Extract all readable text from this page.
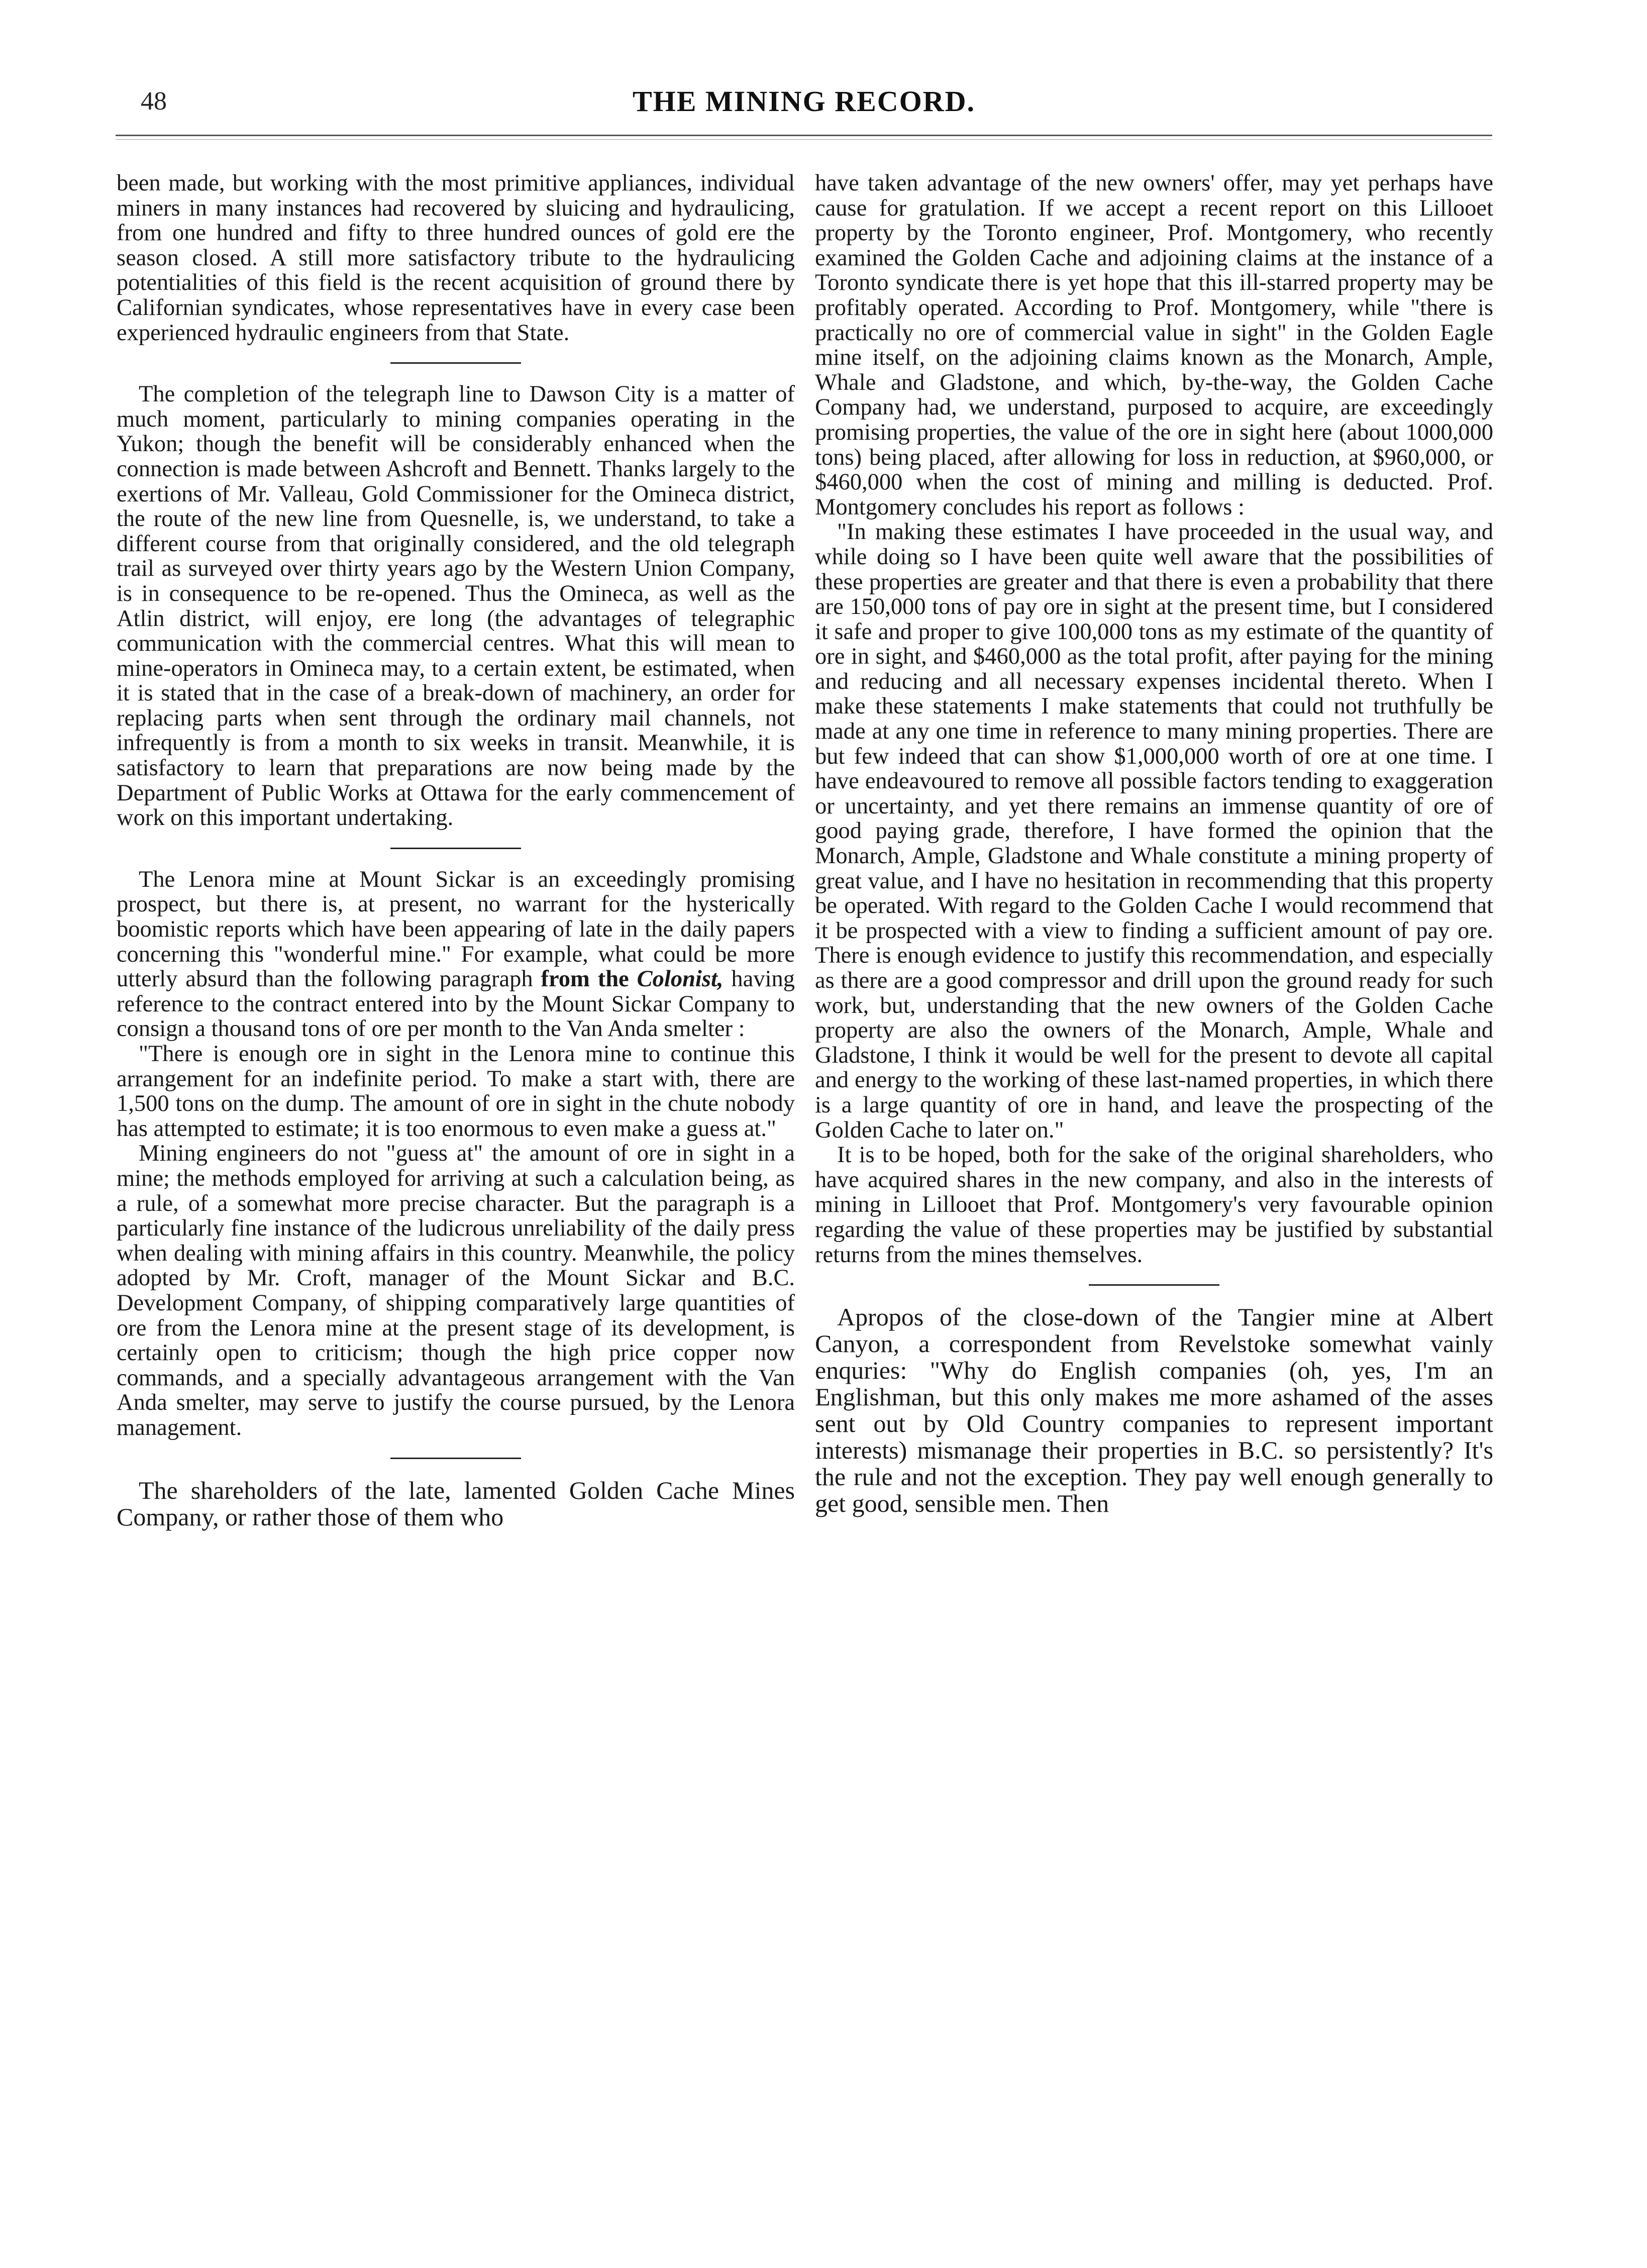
48	THE MINING RECORD.

been made, but working with the most primitive appliances, individual miners in many instances had recovered by sluicing and hydraulicing, from one hundred and fifty to three hundred ounces of gold ere the season closed. A still more satisfactory tribute to the hydraulicing potentialities of this field is the recent acquisition of ground there by Californian syndicates, whose representatives have in every case been experienced hydraulic engineers from that State.

The completion of the telegraph line to Dawson City is a matter of much moment, particularly to mining companies operating in the Yukon; though the benefit will be considerably enhanced when the connection is made between Ashcroft and Bennett. Thanks largely to the exertions of Mr. Valleau, Gold Commissioner for the Omineca district, the route of the new line from Quesnelle, is, we understand, to take a different course from that originally considered, and the old telegraph trail as surveyed over thirty years ago by the Western Union Company, is in consequence to be re-opened. Thus the Omineca, as well as the Atlin district, will enjoy, ere long (the advantages of telegraphic communication with the commercial centres. What this will mean to mine-operators in Omineca may, to a certain extent, be estimated, when it is stated that in the case of a break-down of machinery, an order for replacing parts when sent through the ordinary mail channels, not infrequently is from a month to six weeks in transit. Meanwhile, it is satisfactory to learn that preparations are now being made by the Department of Public Works at Ottawa for the early commencement of work on this important undertaking.

The Lenora mine at Mount Sickar is an exceedingly promising prospect, but there is, at present, no warrant for the hysterically boomistic reports which have been appearing of late in the daily papers concerning this "wonderful mine." For example, what could be more utterly absurd than the following paragraph from the Colonist, having reference to the contract entered into by the Mount Sickar Company to consign a thousand tons of ore per month to the Van Anda smelter :

"There is enough ore in sight in the Lenora mine to continue this arrangement for an indefinite period. To make a start with, there are 1,500 tons on the dump. The amount of ore in sight in the chute nobody has attempted to estimate; it is too enormous to even make a guess at."

Mining engineers do not "guess at" the amount of ore in sight in a mine; the methods employed for arriving at such a calculation being, as a rule, of a somewhat more precise character. But the paragraph is a particularly fine instance of the ludicrous unreliability of the daily press when dealing with mining affairs in this country. Meanwhile, the policy adopted by Mr. Croft, manager of the Mount Sickar and B.C. Development Company, of shipping comparatively large quantities of ore from the Lenora mine at the present stage of its development, is certainly open to criticism; though the high price copper now commands, and a specially advantageous arrangement with the Van Anda smelter, may serve to justify the course pursued, by the Lenora management.

The shareholders of the late, lamented Golden Cache Mines Company, or rather those of them who

have taken advantage of the new owners' offer, may yet perhaps have cause for gratulation. If we accept a recent report on this Lillooet property by the Toronto engineer, Prof. Montgomery, who recently examined the Golden Cache and adjoining claims at the instance of a Toronto syndicate there is yet hope that this ill-starred property may be profitably operated. According to Prof. Montgomery, while "there is practically no ore of commercial value in sight" in the Golden Eagle mine itself, on the adjoining claims known as the Monarch, Ample, Whale and Gladstone, and which, by-the-way, the Golden Cache Company had, we understand, purposed to acquire, are exceedingly promising properties, the value of the ore in sight here (about 1000,000 tons) being placed, after allowing for loss in reduction, at $960,000, or $460,000 when the cost of mining and milling is deducted. Prof. Montgomery concludes his report as follows :

"In making these estimates I have proceeded in the usual way, and while doing so I have been quite well aware that the possibilities of these properties are greater and that there is even a probability that there are 150,000 tons of pay ore in sight at the present time, but I considered it safe and proper to give 100,000 tons as my estimate of the quantity of ore in sight, and $460,000 as the total profit, after paying for the mining and reducing and all necessary expenses incidental thereto. When I make these statements I make statements that could not truthfully be made at any one time in reference to many mining properties. There are but few indeed that can show $1,000,000 worth of ore at one time. I have endeavoured to remove all possible factors tending to exaggeration or uncertainty, and yet there remains an immense quantity of ore of good paying grade, therefore, I have formed the opinion that the Monarch, Ample, Gladstone and Whale constitute a mining property of great value, and I have no hesitation in recommending that this property be operated. With regard to the Golden Cache I would recommend that it be prospected with a view to finding a sufficient amount of pay ore. There is enough evidence to justify this recommendation, and especially as there are a good compressor and drill upon the ground ready for such work, but, understanding that the new owners of the Golden Cache property are also the owners of the Monarch, Ample, Whale and Gladstone, I think it would be well for the present to devote all capital and energy to the working of these last-named properties, in which there is a large quantity of ore in hand, and leave the prospecting of the Golden Cache to later on."

It is to be hoped, both for the sake of the original shareholders, who have acquired shares in the new company, and also in the interests of mining in Lillooet that Prof. Montgomery's very favourable opinion regarding the value of these properties may be justified by substantial returns from the mines themselves.

Apropos of the close-down of the Tangier mine at Albert Canyon, a correspondent from Revelstoke somewhat vainly enquries: "Why do English companies (oh, yes, I'm an Englishman, but this only makes me more ashamed of the asses sent out by Old Country companies to represent important interests) mismanage their properties in B.C. so persistently? It's the rule and not the exception. They pay well enough generally to get good, sensible men. Then
